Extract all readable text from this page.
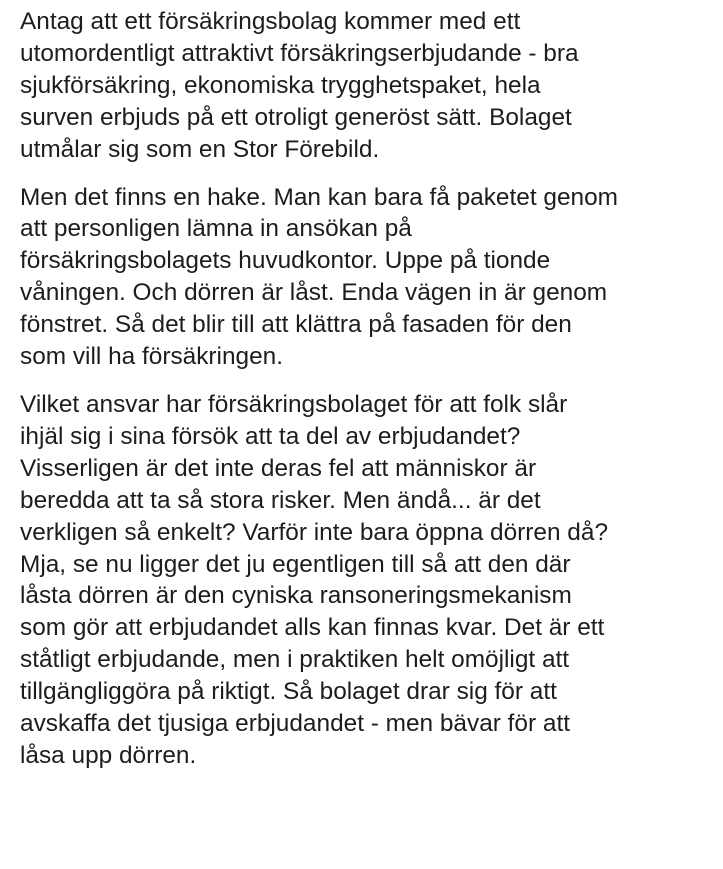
Antag att ett försäkringsbolag kommer med ett
utomordentligt attraktivt försäkringserbjudande - bra
sjukförsäkring, ekonomiska trygghetspaket, hela
surven erbjuds på ett otroligt generöst sätt. Bolaget
utmålar sig som en Stor Förebild.

Men det finns en hake. Man kan bara få paketet genom
att personligen lämna in ansökan på
försäkringsbolagets huvudkontor. Uppe på tionde
våningen. Och dörren är låst. Enda vägen in är genom
fönstret. Så det blir till att klättra på fasaden för den
som vill ha försäkringen.

Vilket ansvar har försäkringsbolaget för att folk slår
ihjäl sig i sina försök att ta del av erbjudandet?
Visserligen är det inte deras fel att människor är
beredda att ta så stora risker. Men ändå... är det
verkligen så enkelt? Varför inte bara öppna dörren då?
Mja, se nu ligger det ju egentligen till så att den där
låsta dörren är den cyniska ransoneringsmekanism
som gör att erbjudandet alls kan finnas kvar. Det är ett
ståtligt erbjudande, men i praktiken helt omöjligt att
tillgängliggöra på riktigt. Så bolaget drar sig för att
avskaffa det tjusiga erbjudandet - men bävar för att
låsa upp dörren.
